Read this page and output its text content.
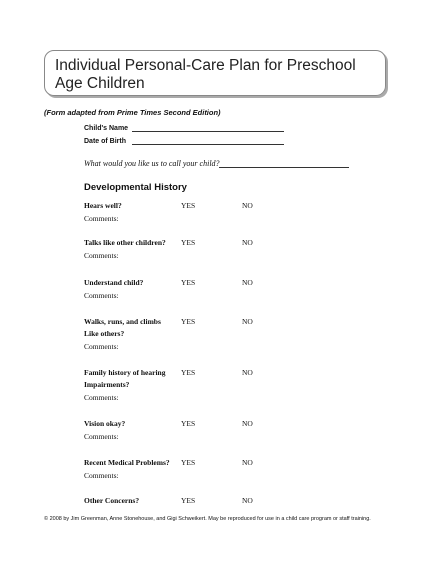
Individual Personal-Care Plan for Preschool Age Children
(Form adapted from Prime Times Second Edition)
Child's Name
Date of Birth
What would you like us to call your child?
Developmental History
Hears well?	YES	NO
Comments:
Talks like other children? YES	NO
Comments:
Understand child?	YES	NO
Comments:
Walks, runs, and climbs
Like others?
YES	NO
Comments:
Family history of hearing
Impairments?
YES	NO
Comments:
Vision okay?	YES	NO
Comments:
Recent Medical Problems? YES	NO
Comments:
Other Concerns?	YES	NO
© 2008 by Jim Greenman, Anne Stonehouse, and Gigi Schweikert. May be reproduced for use in a child care program or staff training.
